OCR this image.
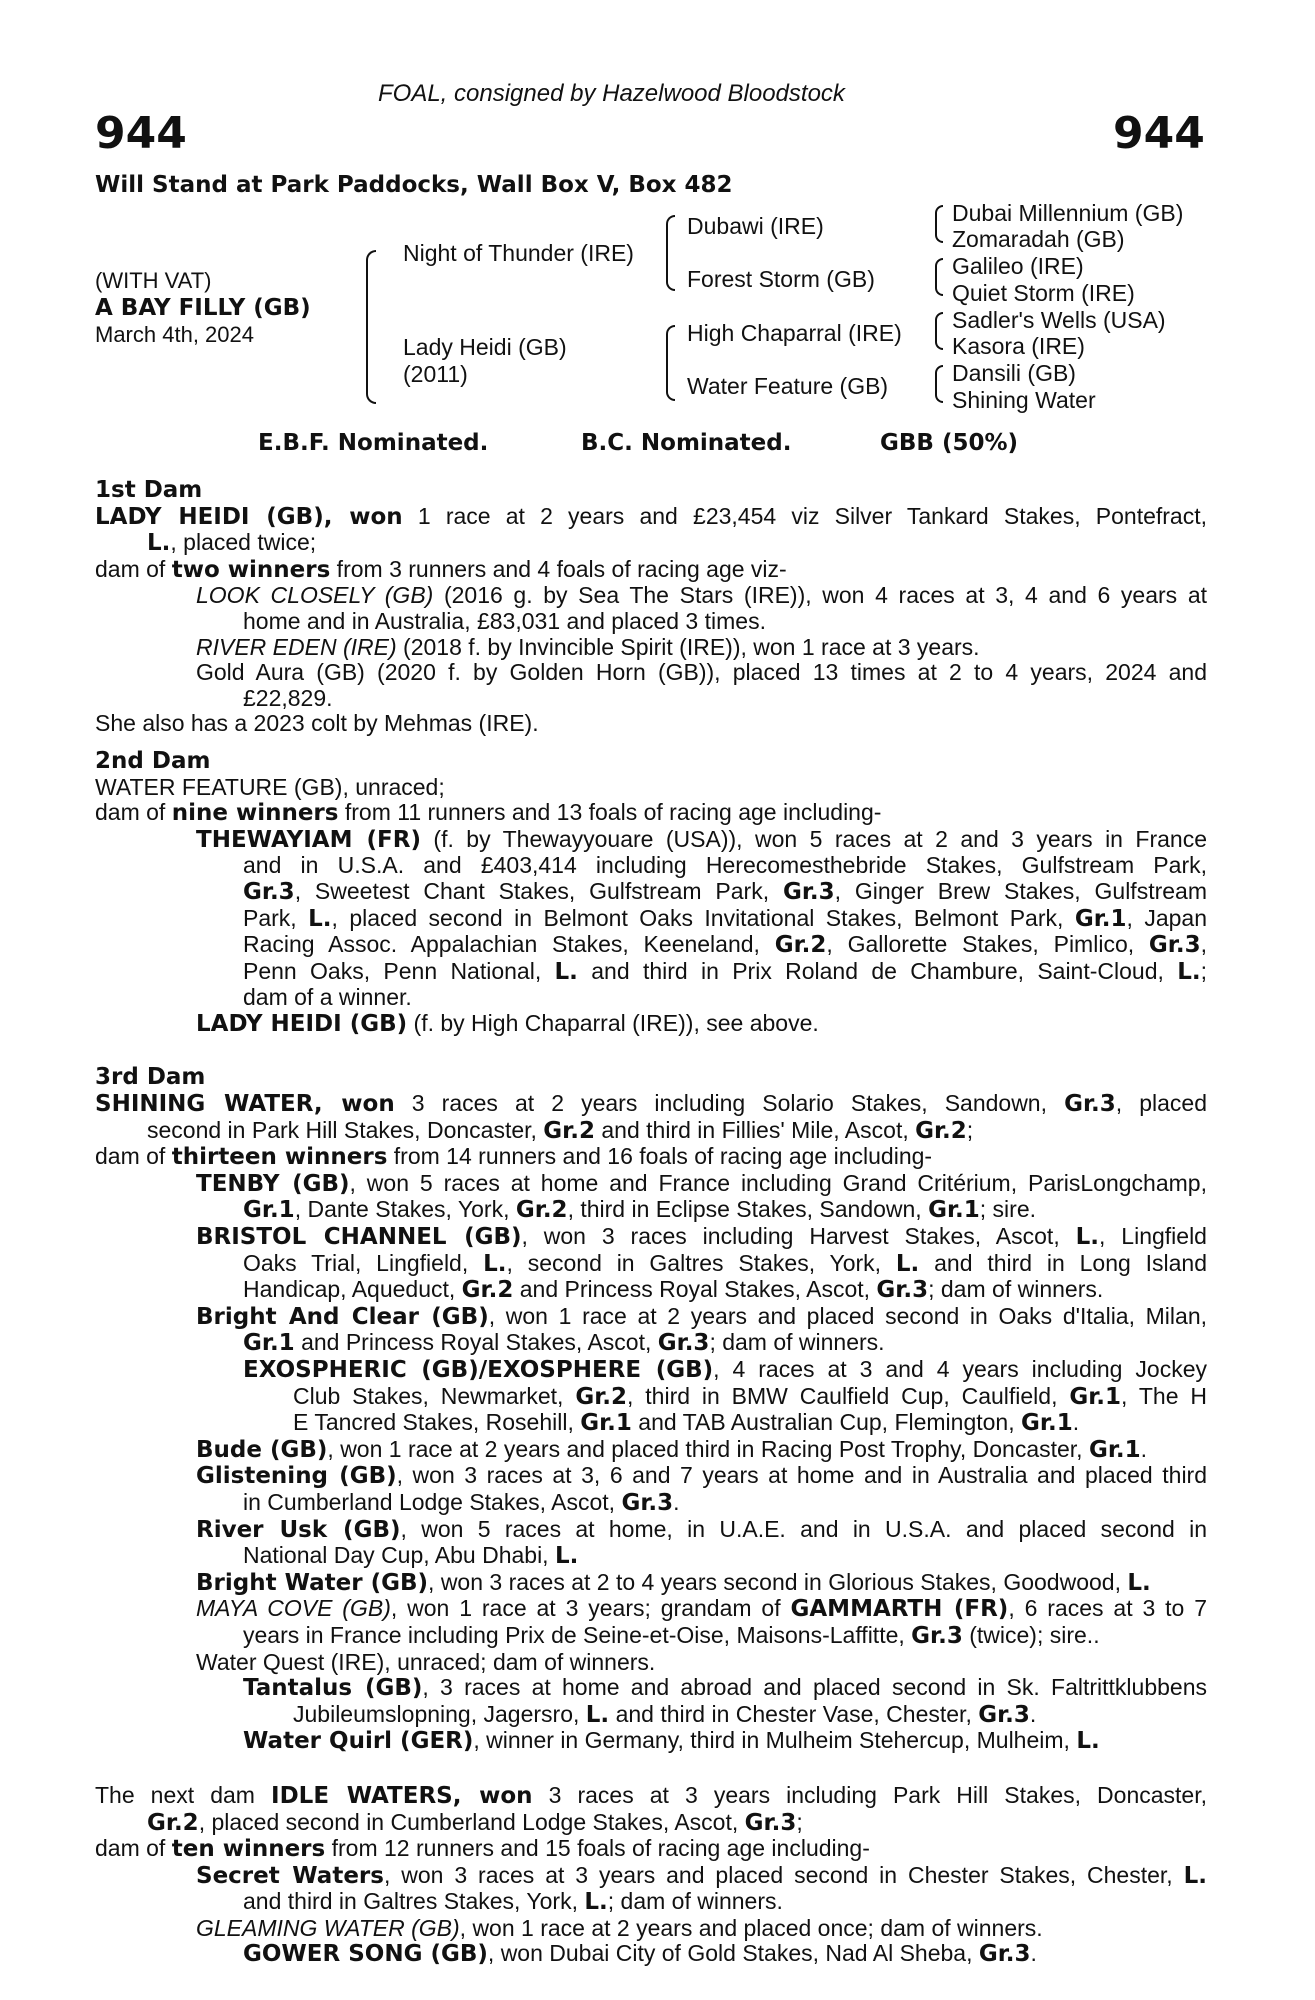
FOAL, consigned by Hazelwood Bloodstock
944	944
Will Stand at Park Paddocks, Wall Box V, Box 482
(WITH VAT)
A BAY FILLY (GB)
March 4th, 2024
Night of Thunder (IRE)
Lady Heidi (GB)
(2011)
Dubawi (IRE)
Forest Storm (GB)
High Chaparral (IRE)
Water Feature (GB)
Dubai Millennium (GB)
Zomaradah (GB)
Galileo (IRE)
Quiet Storm (IRE)
Sadler's Wells (USA)
Kasora (IRE)
Dansili (GB)
Shining Water
E.B.F. Nominated.	B.C. Nominated.	GBB (50%)
1st Dam
LADY HEIDI (GB), won 1 race at 2 years and £23,454 viz Silver Tankard Stakes, Pontefract,
L., placed twice;
dam of two winners from 3 runners and 4 foals of racing age viz-
LOOK CLOSELY (GB) (2016 g. by Sea The Stars (IRE)), won 4 races at 3, 4 and 6 years at
home and in Australia, £83,031 and placed 3 times.
RIVER EDEN (IRE) (2018 f. by Invincible Spirit (IRE)), won 1 race at 3 years.
Gold Aura (GB) (2020 f. by Golden Horn (GB)), placed 13 times at 2 to 4 years, 2024 and
£22,829.
She also has a 2023 colt by Mehmas (IRE).
2nd Dam
WATER FEATURE (GB), unraced;
dam of nine winners from 11 runners and 13 foals of racing age including-
THEWAYIAM (FR) (f. by Thewayyouare (USA)), won 5 races at 2 and 3 years in France
and in U.S.A. and £403,414 including Herecomesthebride Stakes, Gulfstream Park,
Gr.3, Sweetest Chant Stakes, Gulfstream Park, Gr.3, Ginger Brew Stakes, Gulfstream
Park, L., placed second in Belmont Oaks Invitational Stakes, Belmont Park, Gr.1, Japan
Racing Assoc. Appalachian Stakes, Keeneland, Gr.2, Gallorette Stakes, Pimlico, Gr.3,
Penn Oaks, Penn National, L. and third in Prix Roland de Chambure, Saint-Cloud, L.;
dam of a winner.
LADY HEIDI (GB) (f. by High Chaparral (IRE)), see above.
3rd Dam
SHINING WATER, won 3 races at 2 years including Solario Stakes, Sandown, Gr.3, placed
second in Park Hill Stakes, Doncaster, Gr.2 and third in Fillies' Mile, Ascot, Gr.2;
dam of thirteen winners from 14 runners and 16 foals of racing age including-
TENBY (GB), won 5 races at home and France including Grand Critérium, ParisLongchamp,
Gr.1, Dante Stakes, York, Gr.2, third in Eclipse Stakes, Sandown, Gr.1; sire.
BRISTOL CHANNEL (GB), won 3 races including Harvest Stakes, Ascot, L., Lingfield
Oaks Trial, Lingfield, L., second in Galtres Stakes, York, L. and third in Long Island
Handicap, Aqueduct, Gr.2 and Princess Royal Stakes, Ascot, Gr.3; dam of winners.
Bright And Clear (GB), won 1 race at 2 years and placed second in Oaks d'Italia, Milan,
Gr.1 and Princess Royal Stakes, Ascot, Gr.3; dam of winners.
EXOSPHERIC (GB)/EXOSPHERE (GB), 4 races at 3 and 4 years including Jockey
Club Stakes, Newmarket, Gr.2, third in BMW Caulfield Cup, Caulfield, Gr.1, The H
E Tancred Stakes, Rosehill, Gr.1 and TAB Australian Cup, Flemington, Gr.1.
Bude (GB), won 1 race at 2 years and placed third in Racing Post Trophy, Doncaster, Gr.1.
Glistening (GB), won 3 races at 3, 6 and 7 years at home and in Australia and placed third
in Cumberland Lodge Stakes, Ascot, Gr.3.
River Usk (GB), won 5 races at home, in U.A.E. and in U.S.A. and placed second in
National Day Cup, Abu Dhabi, L.
Bright Water (GB), won 3 races at 2 to 4 years second in Glorious Stakes, Goodwood, L.
MAYA COVE (GB), won 1 race at 3 years; grandam of GAMMARTH (FR), 6 races at 3 to 7
years in France including Prix de Seine-et-Oise, Maisons-Laffitte, Gr.3 (twice); sire..
Water Quest (IRE), unraced; dam of winners.
Tantalus (GB), 3 races at home and abroad and placed second in Sk. Faltrittklubbens
Jubileumslopning, Jagersro, L. and third in Chester Vase, Chester, Gr.3.
Water Quirl (GER), winner in Germany, third in Mulheim Stehercup, Mulheim, L.
The next dam IDLE WATERS, won 3 races at 3 years including Park Hill Stakes, Doncaster,
Gr.2, placed second in Cumberland Lodge Stakes, Ascot, Gr.3;
dam of ten winners from 12 runners and 15 foals of racing age including-
Secret Waters, won 3 races at 3 years and placed second in Chester Stakes, Chester, L.
and third in Galtres Stakes, York, L.; dam of winners.
GLEAMING WATER (GB), won 1 race at 2 years and placed once; dam of winners.
GOWER SONG (GB), won Dubai City of Gold Stakes, Nad Al Sheba, Gr.3.
